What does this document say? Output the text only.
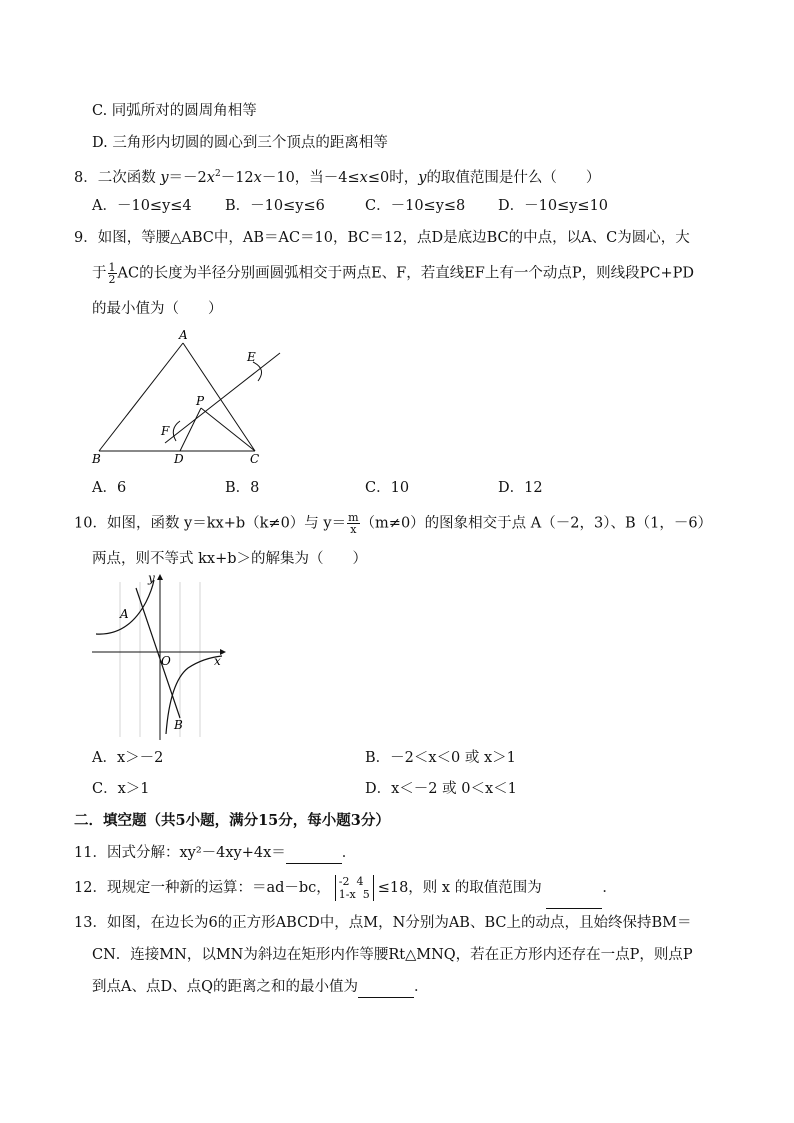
C. 同弧所对的圆周角相等
D. 三角形内切圆的圆心到三个顶点的距离相等
8．二次函数 $y=-2x^2-12x-10$，当－4≤x≤0时，y的取值范围是什么（　　）
A．－10≤y≤4 B．－10≤y≤6	C．－10≤y≤8 D．－10≤y≤10
9．如图，等腰△ABC中，AB＝AC＝10，BC＝12，点D是底边BC的中点，以A、C为圆心，大
于 $\frac{1}{2}$ AC的长度为半径分别画圆弧相交于两点E、F，若直线EF上有一个动点P，则线段PC+PD
的最小值为（　　）
A
B	C
D
E
F
P
A．6	B．8	C．10	D．12
10．如图，函数 y＝kx+b（k≠0）与 $y= \frac{m}{x} (m\ne 0)$的图象相交于点 A（－2，3）、B（1，－6）
两点，则不等式 kx+b＞的解集为（　　）
y
x
O
A
B
A．x＞－2	B．－2＜x＜0 或 x＞1
C．x＞1	D．x＜－2 或 0＜x＜1
二．填空题（共5小题，满分15分，每小题3分）
11．因式分解：xy²－4xy+4x＝	．
12．现规定一种新的运算：＝ad－bc， -2  4
1-x  5 ≤18，则 x 的取值范围为	．
13．如图，在边长为6的正方形ABCD中，点M，N分别为AB、BC上的动点，且始终保持BM＝
CN．连接MN，以MN为斜边在矩形内作等腰Rt△MNQ，若在正方形内还存在一点P，则点P
到点A、点D、点Q的距离之和的最小值为	．
